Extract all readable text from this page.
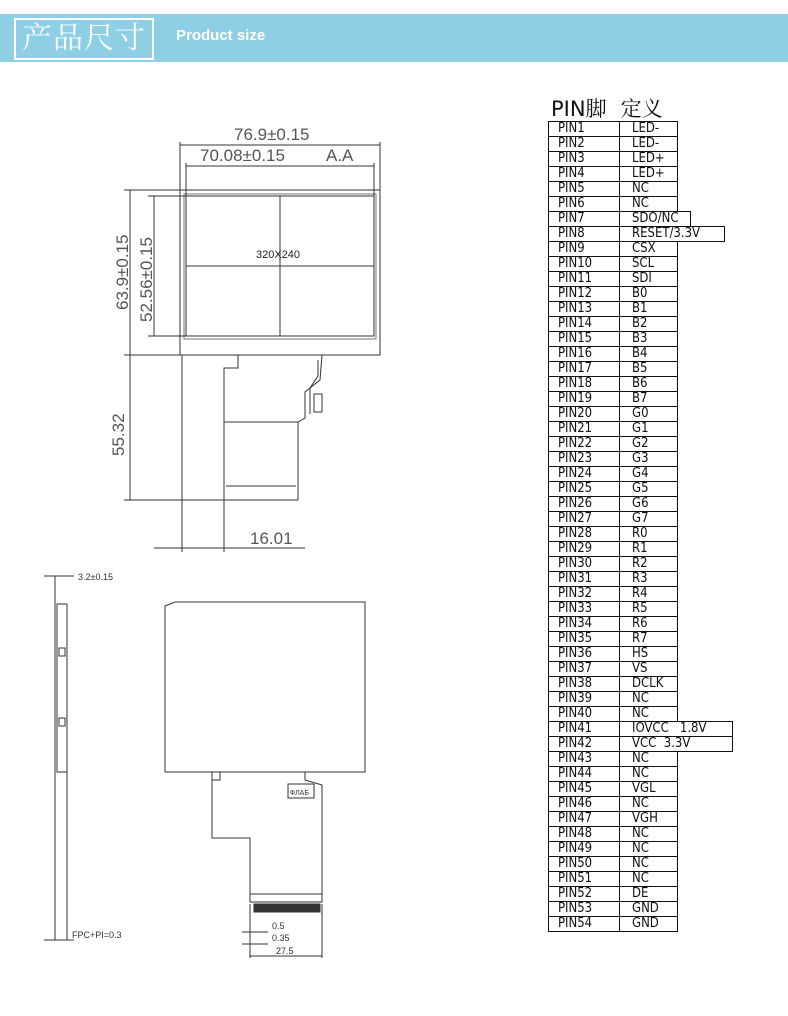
产品尺寸	Product size
76.9±0.15
70.08±0.15 A.A
63.9±0.15 52.56±0.15
55.32
16.01
320X240
3.2±0.15
FPC+PI=0.3
ФЛАБ
0.5
0.35
27.5
PIN脚 定义
PIN1	LED-
PIN2	LED-
PIN3	LED+
PIN4	LED+
PIN5	NC
PIN6	NC
PIN7	SDO/NC

PIN8	RESET/3.3V

PIN9	CSX
PIN10	SCL
PIN11	SDI
PIN12	B0
PIN13	B1
PIN14	B2
PIN15	B3
PIN16	B4
PIN17	B5
PIN18	B6
PIN19	B7
PIN20	G0
PIN21	G1
PIN22	G2
PIN23	G3
PIN24	G4
PIN25	G5
PIN26	G6
PIN27	G7
PIN28	R0
PIN29	R1
PIN30	R2
PIN31	R3
PIN32	R4
PIN33	R5
PIN34	R6
PIN35	R7
PIN36	HS
PIN37	VS
PIN38	DCLK
PIN39	NC
PIN40	NC
PIN41	IOVCC   1.8V

PIN42	VCC  3.3V

PIN43	NC
PIN44	NC
PIN45	VGL
PIN46	NC
PIN47	VGH
PIN48	NC
PIN49	NC
PIN50	NC
PIN51	NC
PIN52	DE
PIN53	GND
PIN54	GND
